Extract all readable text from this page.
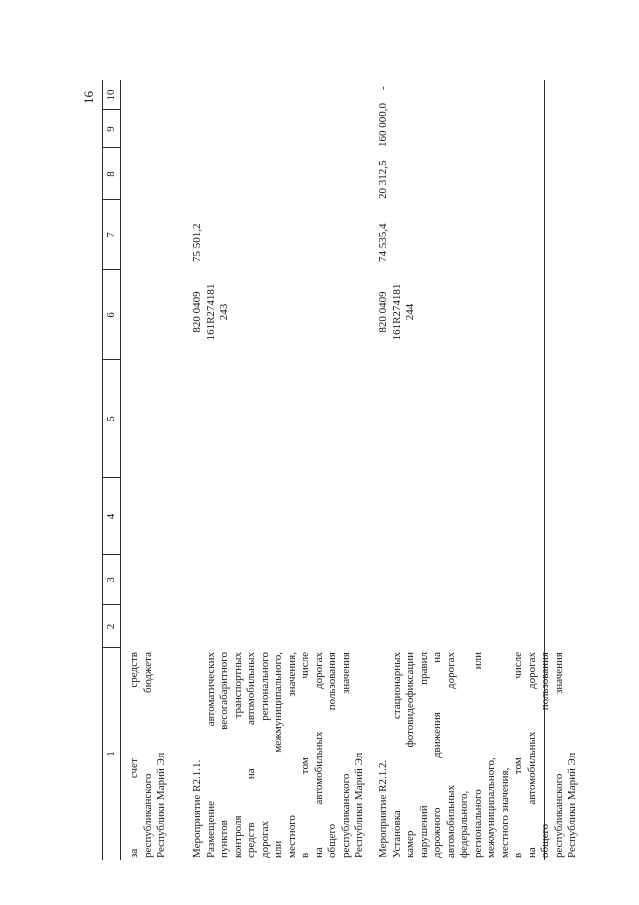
16
1
2
3
4
5
6
7
8
9
10
за счет средств республиканского бюджета Республики Марий Эл Мероприятие R2.1.1. Размещение автоматических пунктов весогабаритного контроля транспортных средств на автомобильных дорогах регионального или межмуниципального, местного значения, в том числе на автомобильных дорогах общего пользования республиканского значения Республики Марий Эл
820 0409 161R274181 243
75 501,2
Мероприятие R2.1.2. Установка стационарных камер фотовидеофиксации нарушений правил дорожного движения на автомобильных дорогах федерального, регионального или межмуниципального, местного значения, в том числе на автомобильных дорогах общего пользования республиканского значения Республики Марий Эл
820 0409 161R274181 244
74 535,4
20 312,5
160 000,0
-
